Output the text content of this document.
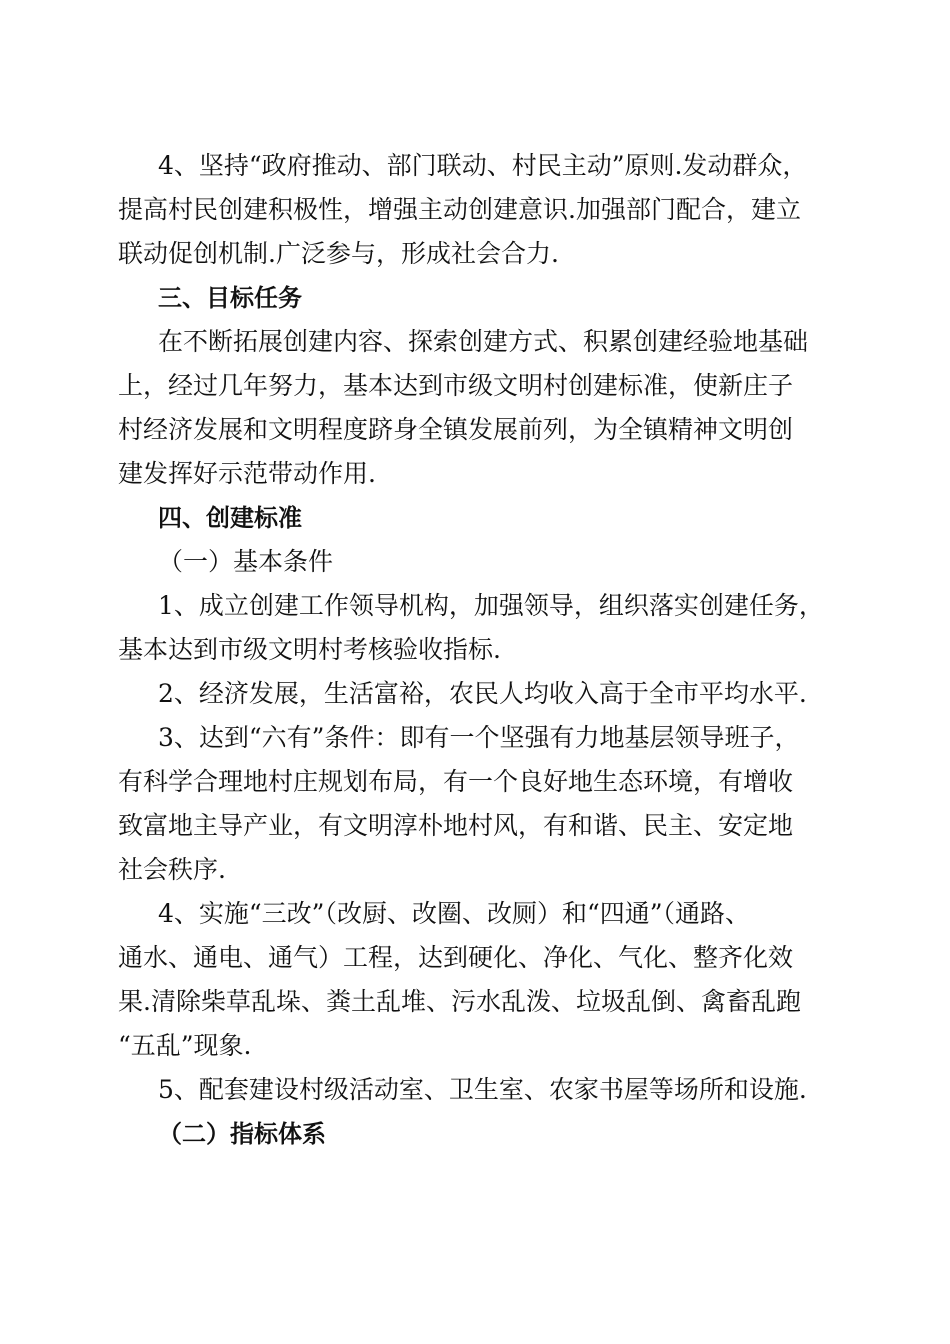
4、坚持“政府推动、部门联动、村民主动”原则.发动群众，
提高村民创建积极性，增强主动创建意识.加强部门配合，建立
联动促创机制.广泛参与，形成社会合力.
三、目标任务
在不断拓展创建内容、探索创建方式、积累创建经验地基础
上，经过几年努力，基本达到市级文明村创建标准，使新庄子
村经济发展和文明程度跻身全镇发展前列，为全镇精神文明创
建发挥好示范带动作用.
四、创建标准
（一）基本条件
1、成立创建工作领导机构，加强领导，组织落实创建任务，
基本达到市级文明村考核验收指标.
2、经济发展，生活富裕，农民人均收入高于全市平均水平.
3、达到“六有”条件：即有一个坚强有力地基层领导班子，
有科学合理地村庄规划布局，有一个良好地生态环境，有增收
致富地主导产业，有文明淳朴地村风，有和谐、民主、安定地
社会秩序.
4、实施“三改”（改厨、改圈、改厕）和“四通”（通路、
通水、通电、通气）工程，达到硬化、净化、气化、整齐化效
果.清除柴草乱垛、粪土乱堆、污水乱泼、垃圾乱倒、禽畜乱跑
“五乱”现象.
5、配套建设村级活动室、卫生室、农家书屋等场所和设施.
（二）指标体系
